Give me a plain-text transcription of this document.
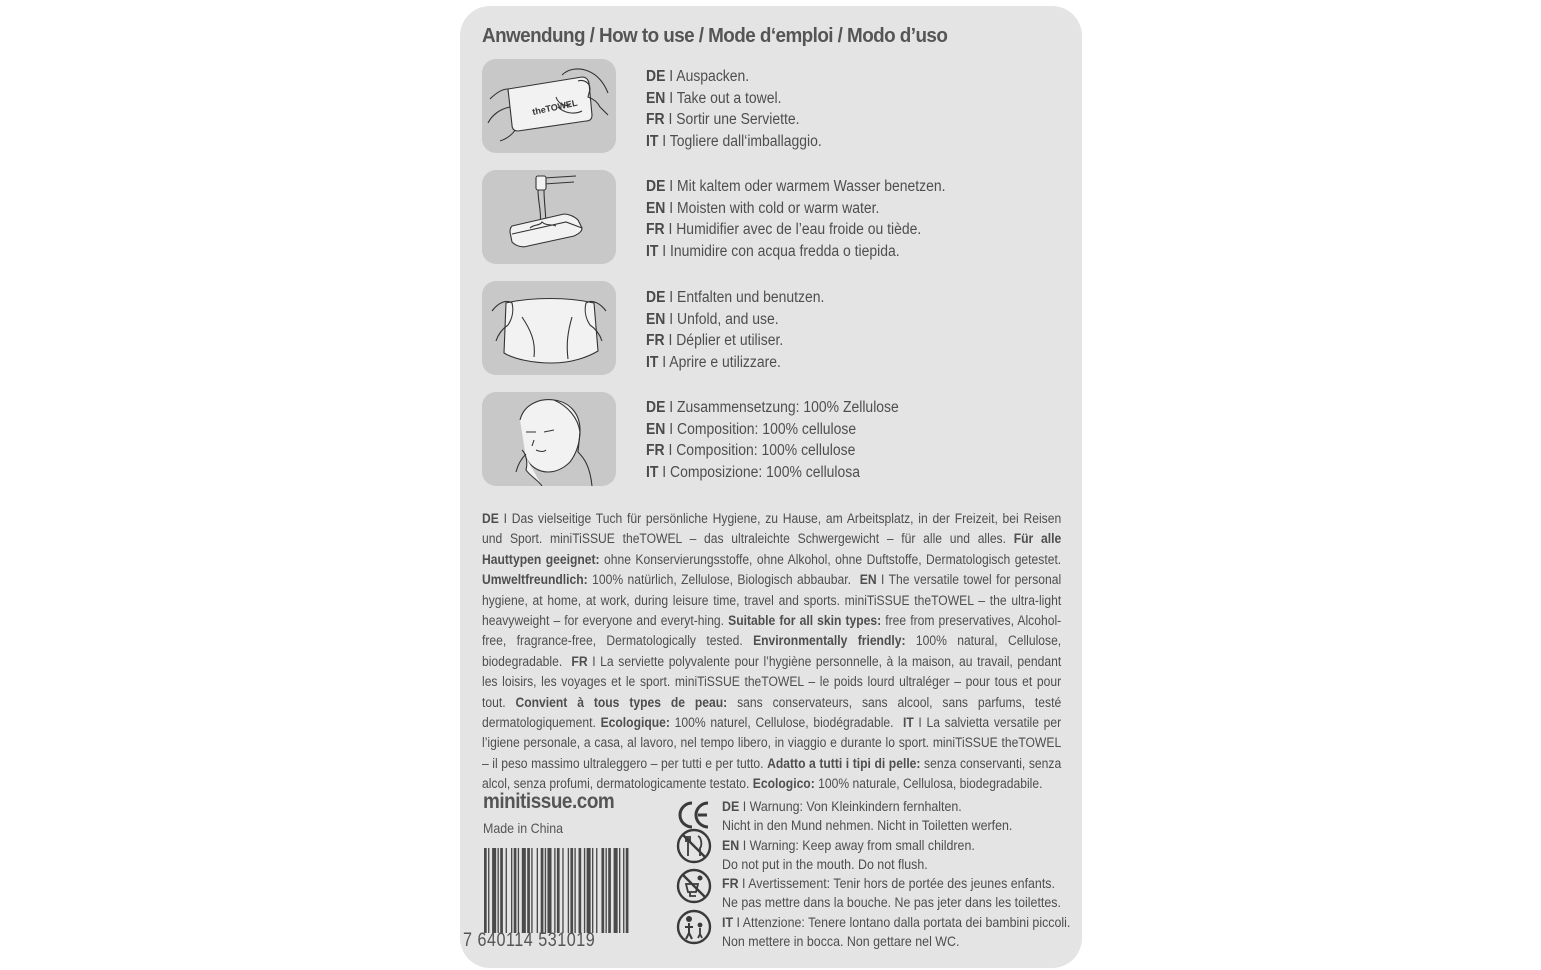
Anwendung / How to use / Mode d‘emploi / Modo d’uso
theTOWEL
DE I Auspacken.
EN I Take out a towel.
FR I Sortir une Serviette.
IT I Togliere dall‘imballaggio.
DE I Mit kaltem oder warmem Wasser benetzen.
EN I Moisten with cold or warm water.
FR I Humidifier avec de l’eau froide ou tiède.
IT I Inumidire con acqua fredda o tiepida.
DE I Entfalten und benutzen.
EN I Unfold, and use.
FR I Déplier et utiliser.
IT I Aprire e utilizzare.
DE I Zusammensetzung: 100% Zellulose
EN I Composition: 100% cellulose
FR I Composition: 100% cellulose
IT I Composizione: 100% cellulosa
DE I Das vielseitige Tuch für persönliche Hygiene, zu Hause, am Arbeitsplatz, in der Freizeit, bei Reisen und Sport. miniTiSSUE theTOWEL – das ultraleichte Schwergewicht – für alle und alles. Für alle Hauttypen geeignet: ohne Konservierungsstoffe, ohne Alkohol, ohne Duftstoffe, Dermatologisch getestet. Umweltfreundlich: 100% natürlich, Zellulose, Biologisch abbaubar. EN I The versatile towel for personal hygiene, at home, at work, during leisure time, travel and sports. miniTiSSUE theTOWEL – the ultra-light heavyweight – for everyone and everyt-hing. Suitable for all skin types: free from preservatives, Alcohol-free, fragrance-free, Dermatologically tested. Environmentally friendly: 100% natural, Cellulose, biodegradable. FR I La serviette polyvalente pour l’hygiène personnelle, à la maison, au travail, pendant les loisirs, les voyages et le sport. miniTiSSUE theTOWEL – le poids lourd ultraléger – pour tous et pour tout. Convient à tous types de peau: sans conservateurs, sans alcool, sans parfums, testé dermatologiquement. Ecologique: 100% naturel, Cellulose, biodégradable. IT I La salvietta versatile per l’igiene personale, a casa, al lavoro, nel tempo libero, in viaggio e durante lo sport. miniTiSSUE theTOWEL – il peso massimo ultraleggero – per tutti e per tutto. Adatto a tutti i tipi di pelle: senza conservanti, senza alcol, senza profumi, dermatologicamente testato. Ecologico: 100% naturale, Cellulosa, biodegradabile.
minitissue.com
Made in China
7 640114 531019
DE I Warnung: Von Kleinkindern fernhalten.
Nicht in den Mund nehmen. Nicht in Toiletten werfen.
EN I Warning: Keep away from small children.
Do not put in the mouth. Do not flush.
FR I Avertissement: Tenir hors de portée des jeunes enfants.
Ne pas mettre dans la bouche. Ne pas jeter dans les toilettes.
IT I Attenzione: Tenere lontano dalla portata dei bambini piccoli.
Non mettere in bocca. Non gettare nel WC.
